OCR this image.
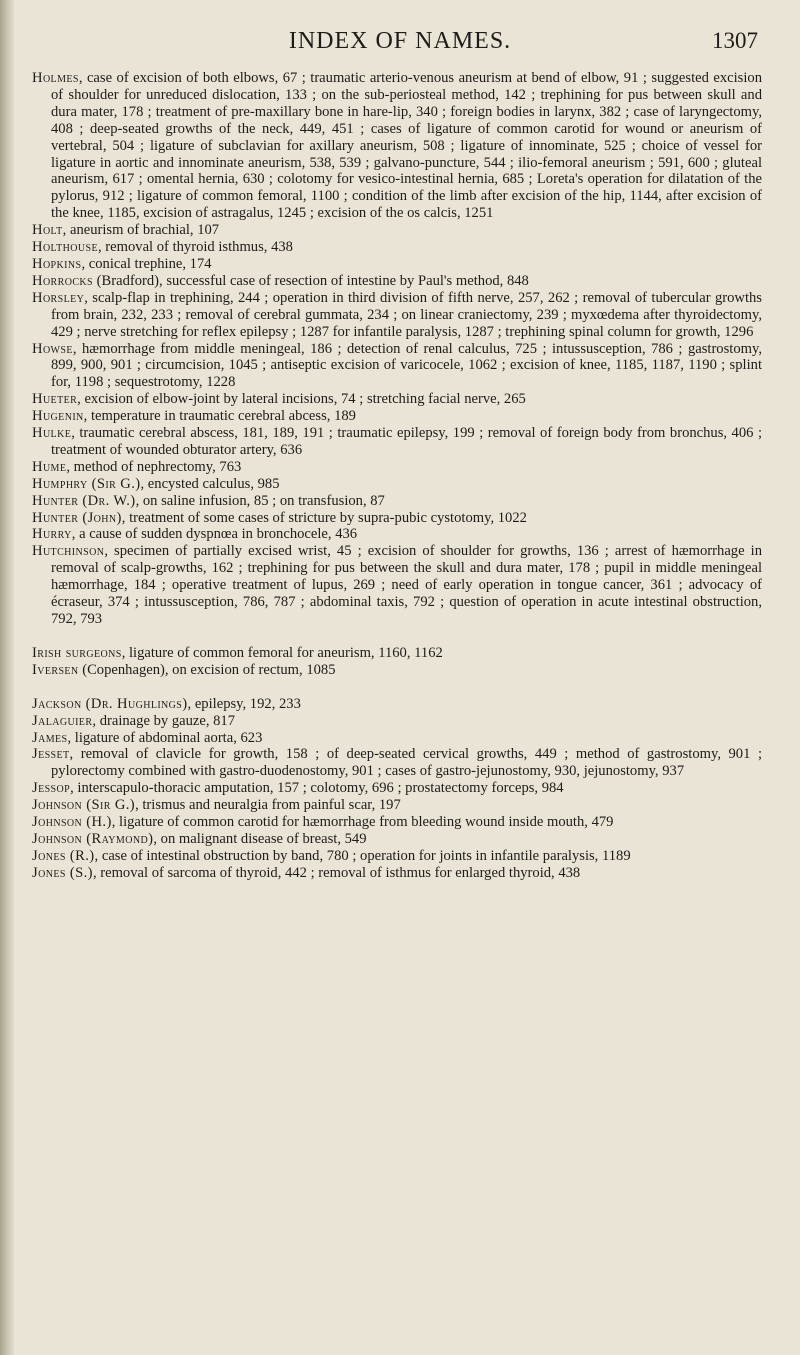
INDEX OF NAMES.	1307

Holmes, case of excision of both elbows, 67 ; traumatic arterio-venous aneurism at bend of elbow, 91 ; suggested excision of shoulder for unreduced dislocation, 133 ; on the sub-periosteal method, 142 ; trephining for pus between skull and dura mater, 178 ; treatment of pre-maxillary bone in hare-lip, 340 ; foreign bodies in larynx, 382 ; case of laryngectomy, 408 ; deep-seated growths of the neck, 449, 451 ; cases of ligature of common carotid for wound or aneurism of vertebral, 504 ; ligature of subclavian for axillary aneurism, 508 ; ligature of innominate, 525 ; choice of vessel for ligature in aortic and innominate aneurism, 538, 539 ; galvano-puncture, 544 ; ilio-femoral aneurism ; 591, 600 ; gluteal aneurism, 617 ; omental hernia, 630 ; colotomy for vesico-intestinal hernia, 685 ; Loreta's operation for dilatation of the pylorus, 912 ; ligature of common femoral, 1100 ; condition of the limb after excision of the hip, 1144, after excision of the knee, 1185, excision of astragalus, 1245 ; excision of the os calcis, 1251

Holt, aneurism of brachial, 107

Holthouse, removal of thyroid isthmus, 438

Hopkins, conical trephine, 174

Horrocks (Bradford), successful case of resection of intestine by Paul's method, 848

Horsley, scalp-flap in trephining, 244 ; operation in third division of fifth nerve, 257, 262 ; removal of tubercular growths from brain, 232, 233 ; removal of cerebral gummata, 234 ; on linear craniectomy, 239 ; myxœdema after thyroidectomy, 429 ; nerve stretching for reflex epilepsy ; 1287 for infantile paralysis, 1287 ; trephining spinal column for growth, 1296

Howse, hæmorrhage from middle meningeal, 186 ; detection of renal calculus, 725 ; intussusception, 786 ; gastrostomy, 899, 900, 901 ; circumcision, 1045 ; antiseptic excision of varicocele, 1062 ; excision of knee, 1185, 1187, 1190 ; splint for, 1198 ; sequestrotomy, 1228

Hueter, excision of elbow-joint by lateral incisions, 74 ; stretching facial nerve, 265

Hugenin, temperature in traumatic cerebral abcess, 189

Hulke, traumatic cerebral abscess, 181, 189, 191 ; traumatic epilepsy, 199 ; removal of foreign body from bronchus, 406 ; treatment of wounded obturator artery, 636

Hume, method of nephrectomy, 763

Humphry (Sir G.), encysted calculus, 985

Hunter (Dr. W.), on saline infusion, 85 ; on transfusion, 87

Hunter (John), treatment of some cases of stricture by supra-pubic cystotomy, 1022

Hurry, a cause of sudden dyspnœa in bronchocele, 436

Hutchinson, specimen of partially excised wrist, 45 ; excision of shoulder for growths, 136 ; arrest of hæmorrhage in removal of scalp-growths, 162 ; trephining for pus between the skull and dura mater, 178 ; pupil in middle meningeal hæmorrhage, 184 ; operative treatment of lupus, 269 ; need of early operation in tongue cancer, 361 ; advocacy of écraseur, 374 ; intussusception, 786, 787 ; abdominal taxis, 792 ; question of operation in acute intestinal obstruction, 792, 793

Irish surgeons, ligature of common femoral for aneurism, 1160, 1162

Iversen (Copenhagen), on excision of rectum, 1085

Jackson (Dr. Hughlings), epilepsy, 192, 233

Jalaguier, drainage by gauze, 817

James, ligature of abdominal aorta, 623

Jesset, removal of clavicle for growth, 158 ; of deep-seated cervical growths, 449 ; method of gastrostomy, 901 ; pylorectomy combined with gastro-duodenostomy, 901 ; cases of gastro-jejunostomy, 930, jejunostomy, 937

Jessop, interscapulo-thoracic amputation, 157 ; colotomy, 696 ; prostatectomy forceps, 984

Johnson (Sir G.), trismus and neuralgia from painful scar, 197

Johnson (H.), ligature of common carotid for hæmorrhage from bleeding wound inside mouth, 479

Johnson (Raymond), on malignant disease of breast, 549

Jones (R.), case of intestinal obstruction by band, 780 ; operation for joints in infantile paralysis, 1189

Jones (S.), removal of sarcoma of thyroid, 442 ; removal of isthmus for enlarged thyroid, 438
